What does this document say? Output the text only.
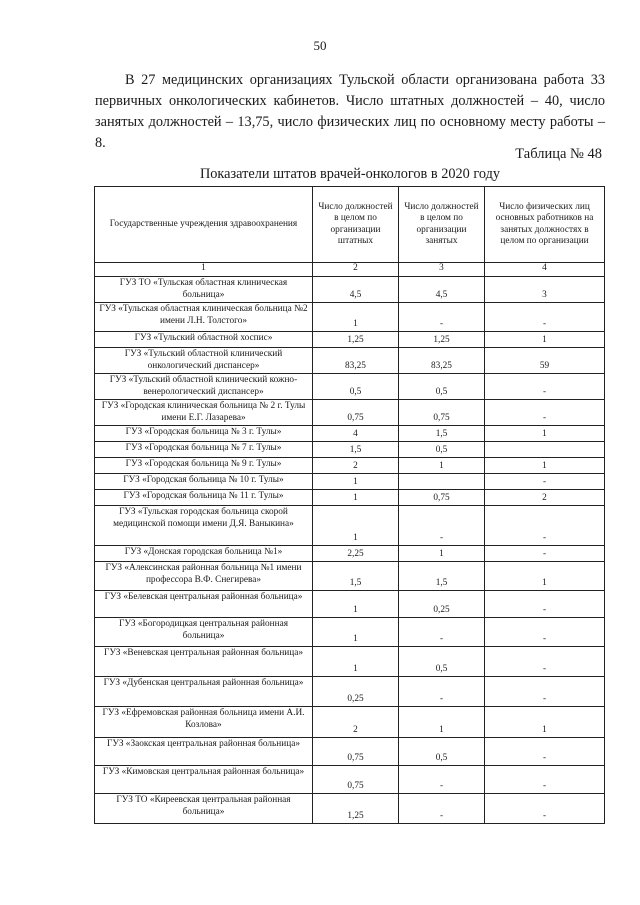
50

В 27 медицинских организациях Тульской области организована работа 33 первичных онкологических кабинетов. Число штатных должностей – 40, число занятых должностей – 13,75, число физических лиц по основному месту работы – 8.

Таблица № 48
Показатели штатов врачей-онкологов в 2020 году
Государственные учреждения здравоохранения	Число должностей в целом по организации штатных	Число должностей в целом по организации занятых	Число физических лиц основных работников на занятых должностях в целом по организации
1	2	3	4
ГУЗ ТО «Тульская областная клиническая больница»	4,5	4,5	3
ГУЗ «Тульская областная клиническая больница №2 имени Л.Н. Толстого»	1	-	-
ГУЗ «Тульский областной хоспис»	1,25	1,25	1
ГУЗ «Тульский областной клинический онкологический диспансер»	83,25	83,25	59
ГУЗ «Тульский областной клинический кожно-венерологический диспансер»	0,5	0,5	-
ГУЗ «Городская клиническая больница № 2 г. Тулы имени Е.Г. Лазарева»	0,75	0,75	-
ГУЗ «Городская больница № 3 г. Тулы»	4	1,5	1
ГУЗ «Городская больница № 7 г. Тулы»	1,5	0,5	
ГУЗ «Городская больница № 9 г. Тулы»	2	1	1
ГУЗ «Городская больница № 10 г. Тулы»	1		-
ГУЗ «Городская больница № 11 г. Тулы»	1	0,75	2
ГУЗ «Тульская городская больница скорой медицинской помощи имени Д.Я. Ваныкина»	1	-	-
ГУЗ «Донская городская больница №1»	2,25	1	-
ГУЗ «Алексинская районная больница №1 имени профессора В.Ф. Снегирева»	1,5	1,5	1
ГУЗ «Белевская центральная районная больница»	1	0,25	-
ГУЗ «Богородицкая центральная районная больница»	1	-	-
ГУЗ «Веневская центральная районная больница»	1	0,5	-
ГУЗ «Дубенская центральная районная больница»	0,25	-	-
ГУЗ «Ефремовская районная больница имени А.И. Козлова»	2	1	1
ГУЗ «Заокская центральная районная больница»	0,75	0,5	-
ГУЗ «Кимовская центральная районная больница»	0,75	-	-
ГУЗ ТО «Киреевская центральная районная больница»	1,25	-	-
